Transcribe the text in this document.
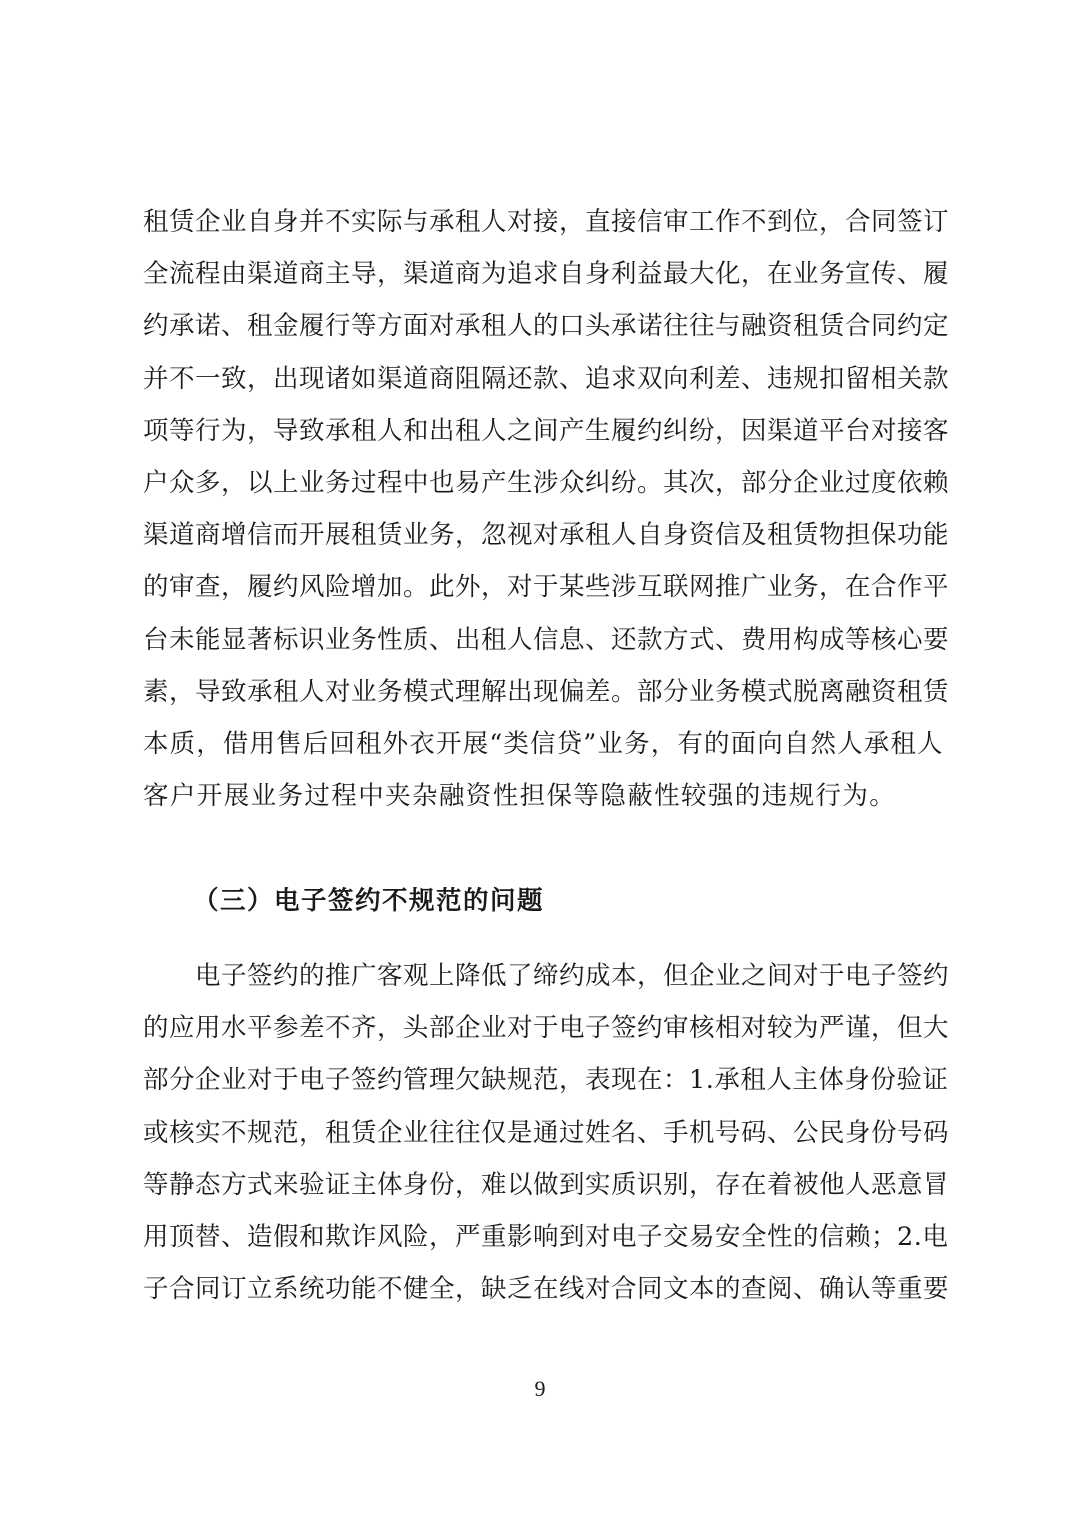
租赁企业自身并不实际与承租人对接，直接信审工作不到位，合同签订
全流程由渠道商主导，渠道商为追求自身利益最大化，在业务宣传、履
约承诺、租金履行等方面对承租人的口头承诺往往与融资租赁合同约定
并不一致，出现诸如渠道商阻隔还款、追求双向利差、违规扣留相关款
项等行为，导致承租人和出租人之间产生履约纠纷，因渠道平台对接客
户众多，以上业务过程中也易产生涉众纠纷。其次，部分企业过度依赖
渠道商增信而开展租赁业务，忽视对承租人自身资信及租赁物担保功能
的审查，履约风险增加。此外，对于某些涉互联网推广业务，在合作平
台未能显著标识业务性质、出租人信息、还款方式、费用构成等核心要
素，导致承租人对业务模式理解出现偏差。部分业务模式脱离融资租赁
本质，借用售后回租外衣开展“类信贷”业务，有的面向自然人承租人
客户开展业务过程中夹杂融资性担保等隐蔽性较强的违规行为。
（三）电子签约不规范的问题
电子签约的推广客观上降低了缔约成本，但企业之间对于电子签约
的应用水平参差不齐，头部企业对于电子签约审核相对较为严谨，但大
部分企业对于电子签约管理欠缺规范，表现在：1.承租人主体身份验证
或核实不规范，租赁企业往往仅是通过姓名、手机号码、公民身份号码
等静态方式来验证主体身份，难以做到实质识别，存在着被他人恶意冒
用顶替、造假和欺诈风险，严重影响到对电子交易安全性的信赖；2.电
子合同订立系统功能不健全，缺乏在线对合同文本的查阅、确认等重要
9
